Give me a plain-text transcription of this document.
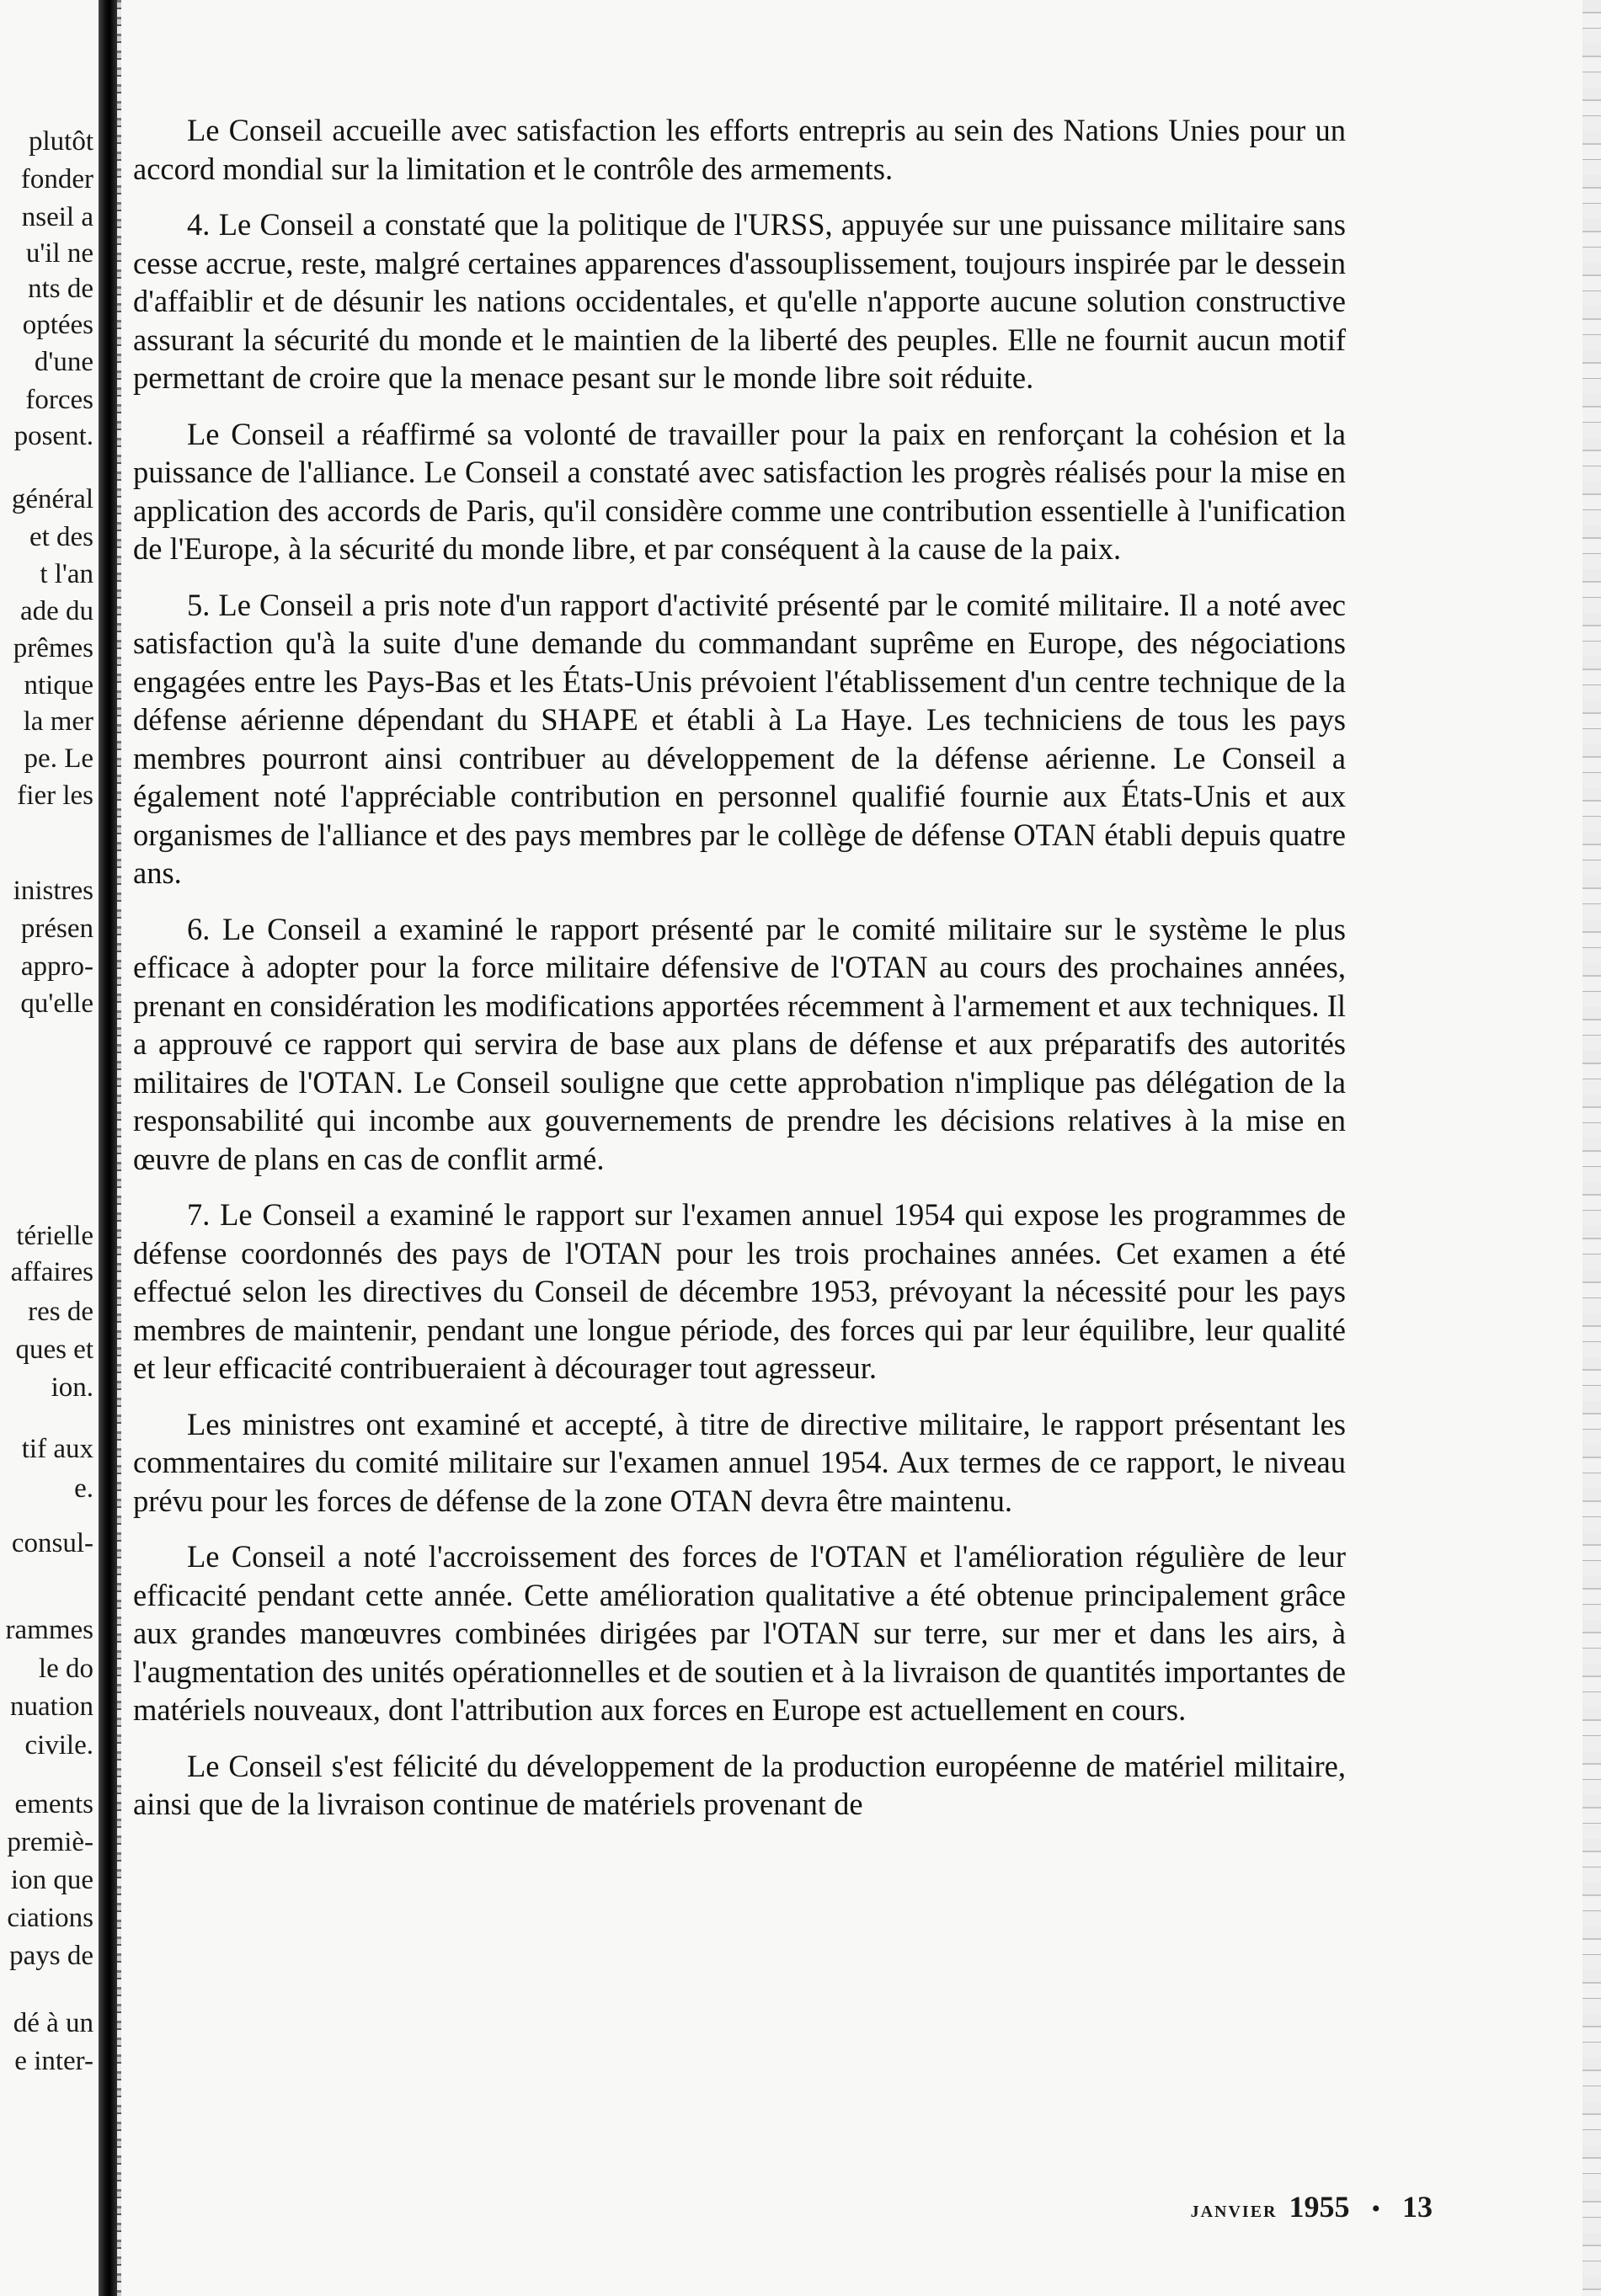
plutôt
fonder
nseil a
u'il ne
nts de
optées
d'une
forces
posent.
général
et des
t l'an
ade du
prêmes
ntique
la mer
pe. Le
fier les
inistres
présen
appro-
qu'elle
térielle
affaires
res de
ques et
ion.
tif aux
e.
consul-
rammes
le do
nuation
civile.
ements
premiè-
ion que
ciations
pays de
dé à un
e inter-

Le Conseil accueille avec satisfaction les efforts entrepris au sein des Nations Unies pour un accord mondial sur la limitation et le contrôle des armements.

4. Le Conseil a constaté que la politique de l'URSS, appuyée sur une puissance militaire sans cesse accrue, reste, malgré certaines apparences d'assouplissement, toujours inspirée par le dessein d'affaiblir et de désunir les nations occidentales, et qu'elle n'apporte aucune solution constructive assurant la sécurité du monde et le maintien de la liberté des peuples. Elle ne fournit aucun motif permettant de croire que la menace pesant sur le monde libre soit réduite.

Le Conseil a réaffirmé sa volonté de travailler pour la paix en renforçant la cohésion et la puissance de l'alliance. Le Conseil a constaté avec satisfaction les progrès réalisés pour la mise en application des accords de Paris, qu'il considère comme une contribution essentielle à l'unification de l'Europe, à la sécurité du monde libre, et par conséquent à la cause de la paix.

5. Le Conseil a pris note d'un rapport d'activité présenté par le comité militaire. Il a noté avec satisfaction qu'à la suite d'une demande du commandant suprême en Europe, des négociations engagées entre les Pays-Bas et les États-Unis prévoient l'établissement d'un centre technique de la défense aérienne dépendant du SHAPE et établi à La Haye. Les techniciens de tous les pays membres pourront ainsi contribuer au développement de la défense aérienne. Le Conseil a également noté l'appréciable contribution en personnel qualifié fournie aux États-Unis et aux organismes de l'alliance et des pays membres par le collège de défense OTAN établi depuis quatre ans.

6. Le Conseil a examiné le rapport présenté par le comité militaire sur le système le plus efficace à adopter pour la force militaire défensive de l'OTAN au cours des prochaines années, prenant en considération les modifications apportées récemment à l'armement et aux techniques. Il a approuvé ce rapport qui servira de base aux plans de défense et aux préparatifs des autorités militaires de l'OTAN. Le Conseil souligne que cette approbation n'implique pas délégation de la responsabilité qui incombe aux gouvernements de prendre les décisions relatives à la mise en œuvre de plans en cas de conflit armé.

7. Le Conseil a examiné le rapport sur l'examen annuel 1954 qui expose les programmes de défense coordonnés des pays de l'OTAN pour les trois prochaines années. Cet examen a été effectué selon les directives du Conseil de décembre 1953, prévoyant la nécessité pour les pays membres de maintenir, pendant une longue période, des forces qui par leur équilibre, leur qualité et leur efficacité contribueraient à décourager tout agresseur.

Les ministres ont examiné et accepté, à titre de directive militaire, le rapport présentant les commentaires du comité militaire sur l'examen annuel 1954. Aux termes de ce rapport, le niveau prévu pour les forces de défense de la zone OTAN devra être maintenu.

Le Conseil a noté l'accroissement des forces de l'OTAN et l'amélioration régulière de leur efficacité pendant cette année. Cette amélioration qualitative a été obtenue principalement grâce aux grandes manœuvres combinées dirigées par l'OTAN sur terre, sur mer et dans les airs, à l'augmentation des unités opérationnelles et de soutien et à la livraison de quantités importantes de matériels nouveaux, dont l'attribution aux forces en Europe est actuellement en cours.

Le Conseil s'est félicité du développement de la production européenne de matériel militaire, ainsi que de la livraison continue de matériels provenant de

janvier 1955 • 13
